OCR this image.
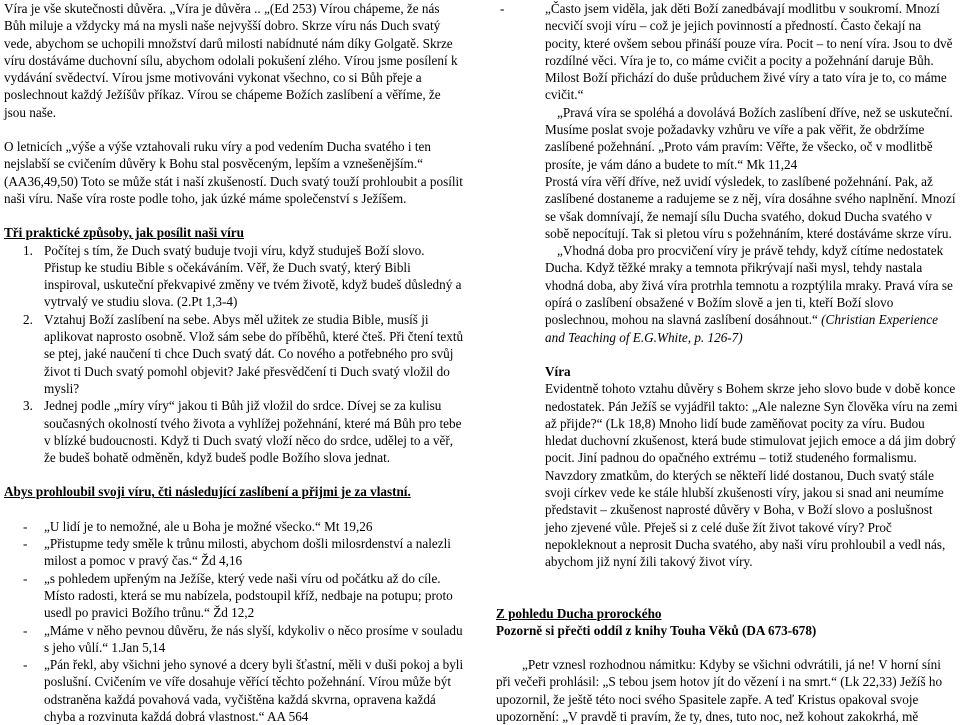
Víra je vše skutečnosti důvěra. „Víra je důvěra .. „(Ed 253) Vírou chápeme, že nás Bůh miluje a vždycky má na mysli naše nejvyšší dobro. Skrze víru nás Duch svatý vede, abychom se uchopili množství darů milosti nabídnuté nám díky Golgatě. Skrze víru dostáváme duchovní sílu, abychom odolali pokušení zlého. Vírou jsme posílení k vydávání svědectví. Vírou jsme motivováni vykonat všechno, co si Bůh přeje a poslechnout každý Ježíšův příkaz. Vírou se chápeme Božích zaslíbení a věříme, že jsou naše.

O letnicích „výše a výše vztahovali ruku víry a pod vedením Ducha svatého i ten nejslabší se cvičením důvěry k Bohu stal posvěceným, lepším a vznešenějším.“ (AA36,49,50) Toto se může stát i naší zkušeností. Duch svatý touží prohloubit a posílit naši víru. Naše víra roste podle toho, jak úzké máme společenství s Ježíšem.

Tři praktické způsoby, jak posílit naši víru

1. Počítej s tím, že Duch svatý buduje tvoji víru, když studuješ Boží slovo. Přistup ke studiu Bible s očekáváním. Věř, že Duch svatý, který Bibli inspiroval, uskuteční překvapivé změny ve tvém životě, když budeš důsledný a vytrvalý ve studiu slova. (2.Pt 1,3-4)
2. Vztahuj Boží zaslíbení na sebe. Abys měl užitek ze studia Bible, musíš ji aplikovat naprosto osobně. Vlož sám sebe do příběhů, které čteš. Při čtení textů se ptej, jaké naučení ti chce Duch svatý dát. Co nového a potřebného pro svůj život ti Duch svatý pomohl objevit? Jaké přesvědčení ti Duch svatý vložil do mysli?
3. Jednej podle „míry víry“ jakou ti Bůh již vložil do srdce. Dívej se za kulisu současných okolností tvého života a vyhlížej požehnání, které má Bůh pro tebe v blízké budoucnosti. Když ti Duch svatý vloží něco do srdce, udělej to a věř, že budeš bohatě odměněn, když budeš podle Božího slova jednat.

Abys prohloubil svoji víru, čti následující zaslíbení a přijmi je za vlastní.

- „U lidí je to nemožné, ale u Boha je možné všecko.“ Mt 19,26
- „Přistupme tedy směle k trůnu milosti, abychom došli milosrdenství a nalezli milost a pomoc v pravý čas.“ Žd 4,16
- „s pohledem upřeným na Ježíše, který vede naši víru od počátku až do cíle. Místo radosti, která se mu nabízela, podstoupil kříž, nedbaje na potupu; proto usedl po pravici Božího trůnu.“ Žd 12,2
- „Máme v něho pevnou důvěru, že nás slyší, kdykoliv o něco prosíme v souladu s jeho vůlí.“ 1.Jan 5,14
- „Pán řekl, aby všichni jeho synové a dcery byli šťastní, měli v duši pokoj a byli poslušní. Cvičením ve víře dosahuje věřící těchto požehnání. Vírou může být odstraněna každá povahová vada, vyčištěna každá skvrna, opravena každá chyba a rozvinuta každá dobrá vlastnost.“ AA 564
-	„Často jsem viděla, jak děti Boží zanedbávají modlitbu v soukromí. Mnozí necvičí svoji víru – což je jejich povinností a předností. Často čekají na pocity, které ovšem sebou přináší pouze víra. Pocit – to není víra. Jsou to dvě rozdílné věci. Víra je to, co máme cvičit a pocity a požehnání daruje Bůh. Milost Boží přichází do duše průduchem živé víry a tato víra je to, co máme cvičit.“

„Pravá víra se spoléhá a dovolává Božích zaslíbení dříve, než se uskuteční. Musíme poslat svoje požadavky vzhůru ve víře a pak věřit, že obdržíme zaslíbené požehnání. „Proto vám pravím: Věřte, že všecko, oč v modlitbě prosíte, je vám dáno a budete to mít.“ Mk 11,24

Prostá víra věří dříve, než uvidí výsledek, to zaslíbené požehnání. Pak, až zaslíbené dostaneme a radujeme se z něj, víra dosáhne svého naplnění. Mnozí se však domnívají, že nemají sílu Ducha svatého, dokud Ducha svatého v sobě nepocítují. Tak si pletou víru s požehnáním, které dostáváme skrze víru.

„Vhodná doba pro procvičení víry je právě tehdy, když cítíme nedostatek Ducha. Když těžké mraky a temnota přikrývají naši mysl, tehdy nastala vhodná doba, aby živá víra protrhla temnotu a rozptýlila mraky. Pravá víra se opírá o zaslíbení obsažené v Božím slově a jen ti, kteří Boží slovo poslechnou, mohou na slavná zaslíbení dosáhnout.“ (Christian Experience and Teaching of E.G.White, p. 126-7)

Víra

Evidentně tohoto vztahu důvěry s Bohem skrze jeho slovo bude v době konce nedostatek. Pán Ježíš se vyjádřil takto: „Ale nalezne Syn člověka víru na zemi až přijde?“ (Lk 18,8) Mnoho lidí bude zaměňovat pocity za víru. Budou hledat duchovní zkušenost, která bude stimulovat jejich emoce a dá jim dobrý pocit. Jiní padnou do opačného extrému – totiž studeného formalismu. Navzdory zmatkům, do kterých se někteří lidé dostanou, Duch svatý stále svoji církev vede ke stále hlubší zkušenosti víry, jakou si snad ani neumíme představit – zkušenost naprosté důvěry v Boha, v Boží slovo a poslušnost jeho zjevené vůle. Přeješ si z celé duše žít život takové víry? Proč nepokleknout a neprosit Ducha svatého, aby naši víru prohloubil a vedl nás, abychom již nyní žili takový život víry.

Z pohledu Ducha prorockého

Pozorně si přečti oddíl z knihy Touha Věků (DA 673-678)

„Petr vznesl rozhodnou námitku: Kdyby se všichni odvrátili, já ne! V horní síni při večeři prohlásil: „S tebou jsem hotov jít do vězení i na smrt.“ (Lk 22,33) Ježíš ho upozornil, že ještě této noci svého Spasitele zapře. A teď Kristus opakoval svoje upozornění: „V pravdě ti pravím, že ty, dnes, tuto noc, než kohout zakokrhá, mě
